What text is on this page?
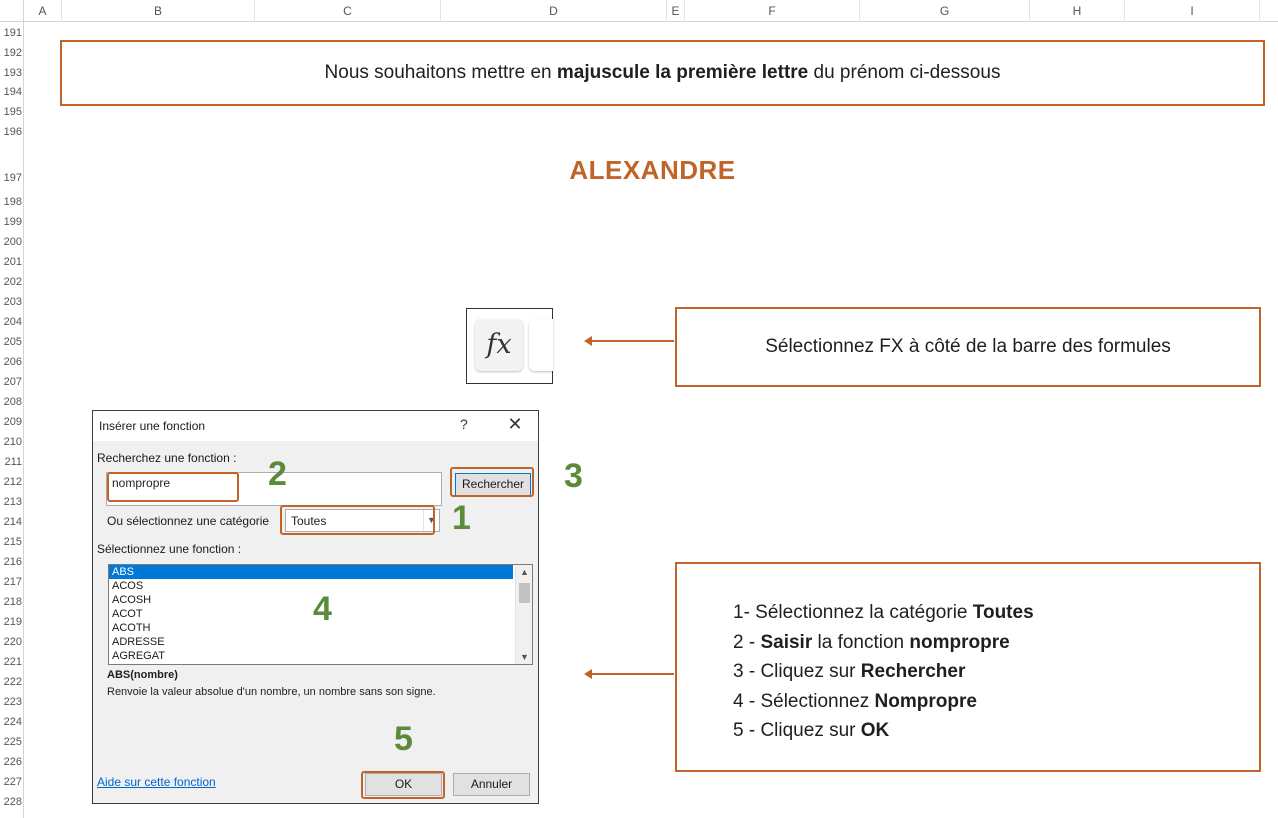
A	B	C	D	E	F	G	H	I
191
192
193
194
195
196
197
198
199
200
201
202
203
204
205
206
207
208
209
210
211
212
213
214
215
216
217
218
219
220
221
222
223
224
225
226
227
228
Nous souhaitons mettre en majuscule la première lettre du prénom ci-dessous
ALEXANDRE
fx	Sélectionnez FX à côté de la barre des formules
Insérer une fonction	?	✕
Recherchez une fonction :
nompropre	Rechercher
Ou sélectionnez une catégorie Toutes	▼
Sélectionnez une fonction :
ABS
ACOS
ACOSH
ACOT
ACOTH
ADRESSE
AGREGAT
▲
▼
ABS(nombre)
Renvoie la valeur absolue d'un nombre, un nombre sans son signe.
Aide sur cette fonction	OK	Annuler
1
2	3
4
5
1- Sélectionnez la catégorie Toutes
2 - Saisir la fonction nompropre
3 - Cliquez sur Rechercher
4 - Sélectionnez Nompropre
5 - Cliquez sur OK
